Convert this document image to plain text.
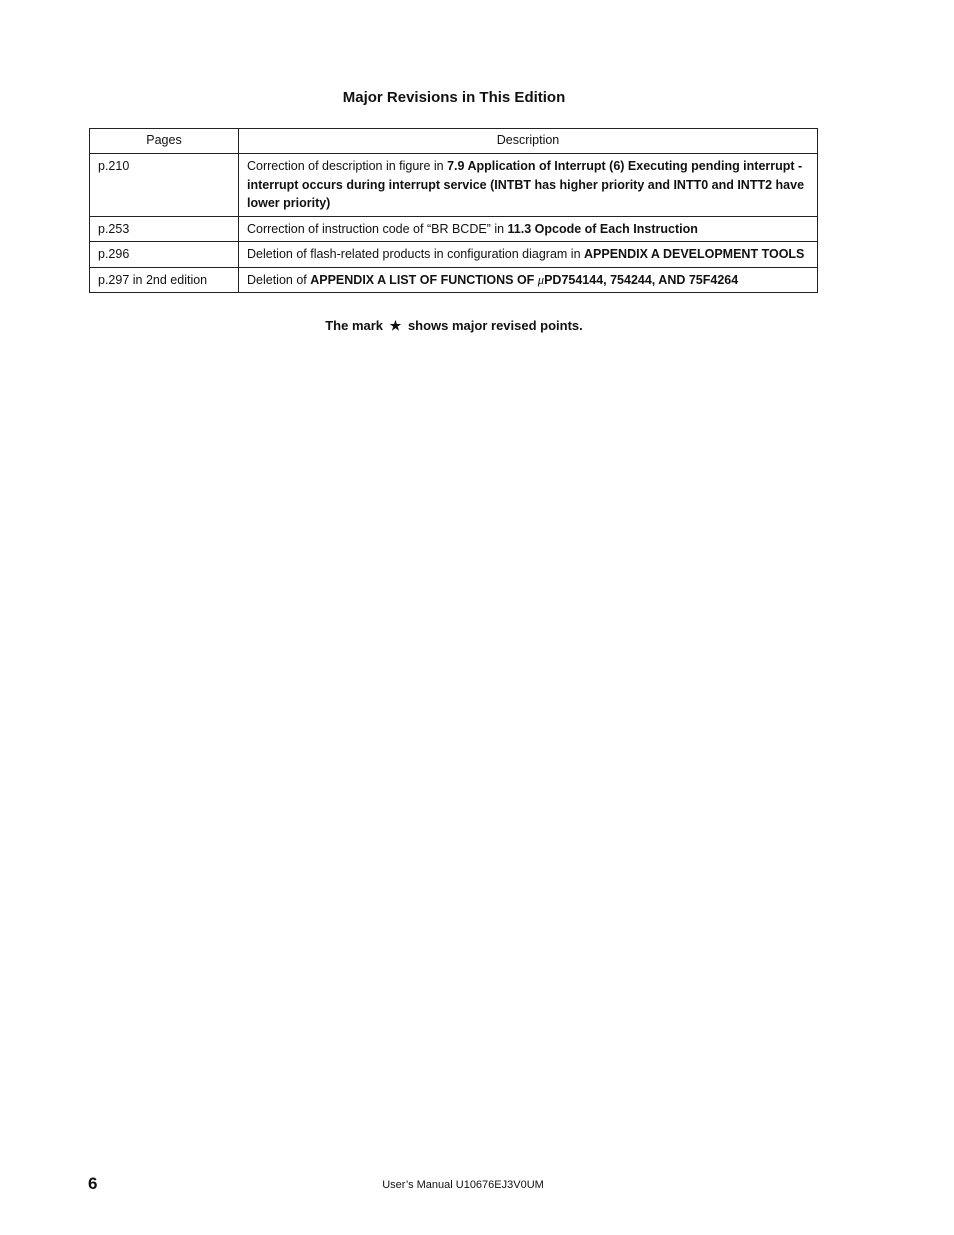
Major Revisions in This Edition
Pages	Description
p.210	Correction of description in figure in 7.9 Application of Interrupt (6) Executing pending interrupt - interrupt occurs during interrupt service (INTBT has higher priority and INTT0 and INTT2 have lower priority)
p.253	Correction of instruction code of “BR BCDE” in 11.3 Opcode of Each Instruction
p.296	Deletion of flash-related products in configuration diagram in APPENDIX A DEVELOPMENT TOOLS
p.297 in 2nd edition	Deletion of APPENDIX A LIST OF FUNCTIONS OF μPD754144, 754244, AND 75F4264
The mark ★ shows major revised points.
6	User’s Manual U10676EJ3V0UM
